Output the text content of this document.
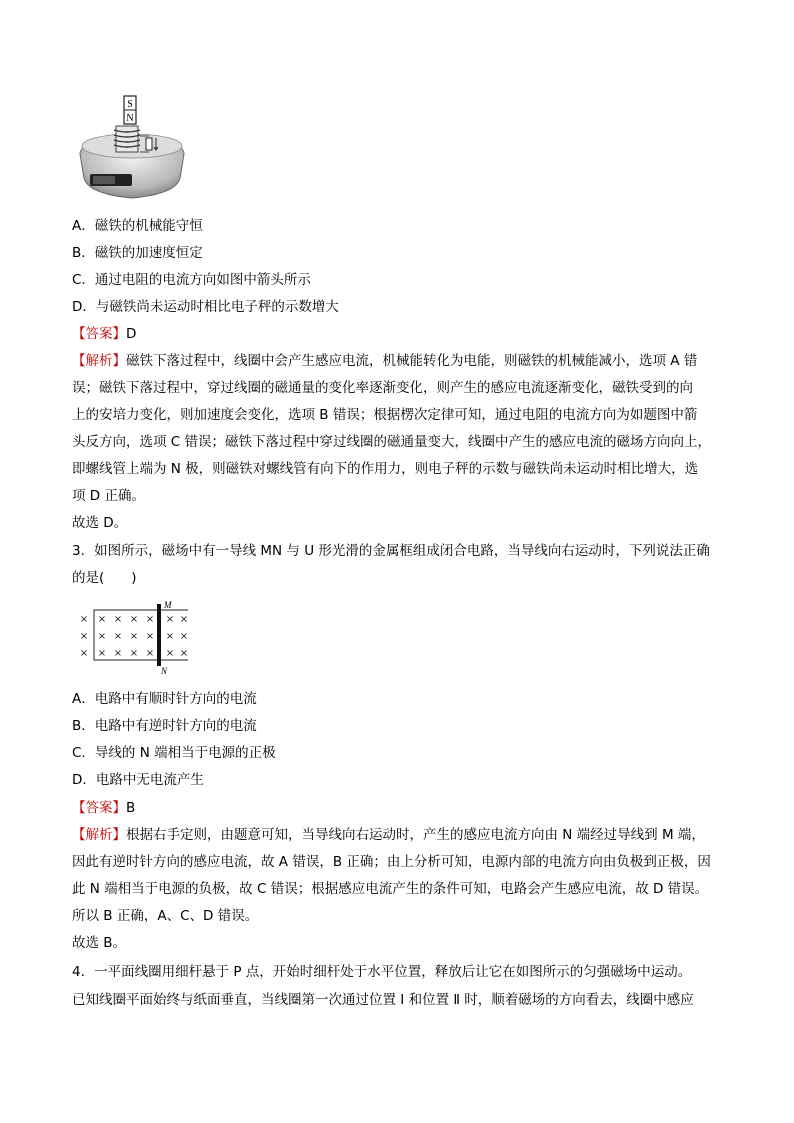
S
N
A．磁铁的机械能守恒
B．磁铁的加速度恒定
C．通过电阻的电流方向如图中箭头所示
D．与磁铁尚未运动时相比电子秤的示数增大
【答案】D
【解析】磁铁下落过程中，线圈中会产生感应电流，机械能转化为电能，则磁铁的机械能减小，选项 A 错
误；磁铁下落过程中，穿过线圈的磁通量的变化率逐渐变化，则产生的感应电流逐渐变化，磁铁受到的向
上的安培力变化，则加速度会变化，选项 B 错误；根据楞次定律可知，通过电阻的电流方向为如题图中箭
头反方向，选项 C 错误；磁铁下落过程中穿过线圈的磁通量变大，线圈中产生的感应电流的磁场方向向上，
即螺线管上端为 N 极，则磁铁对螺线管有向下的作用力，则电子秤的示数与磁铁尚未运动时相比增大，选
项 D 正确。
故选 D。
3．如图所示，磁场中有一导线 MN 与 U 形光滑的金属框组成闭合电路，当导线向右运动时，下列说法正确
的是(　　)
M
N
× × × × × × ×
× × × × × × ×
× × × × × × ×
A．电路中有顺时针方向的电流
B．电路中有逆时针方向的电流
C．导线的 N 端相当于电源的正极
D．电路中无电流产生
【答案】B
【解析】根据右手定则，由题意可知，当导线向右运动时，产生的感应电流方向由 N 端经过导线到 M 端，
因此有逆时针方向的感应电流，故 A 错误，B 正确；由上分析可知，电源内部的电流方向由负极到正极，因
此 N 端相当于电源的负极，故 C 错误；根据感应电流产生的条件可知，电路会产生感应电流，故 D 错误。
所以 B 正确，A、C、D 错误。
故选 B。
4．一平面线圈用细杆悬于 P 点，开始时细杆处于水平位置，释放后让它在如图所示的匀强磁场中运动。
已知线圈平面始终与纸面垂直，当线圈第一次通过位置 Ⅰ 和位置 Ⅱ 时，顺着磁场的方向看去，线圈中感应
